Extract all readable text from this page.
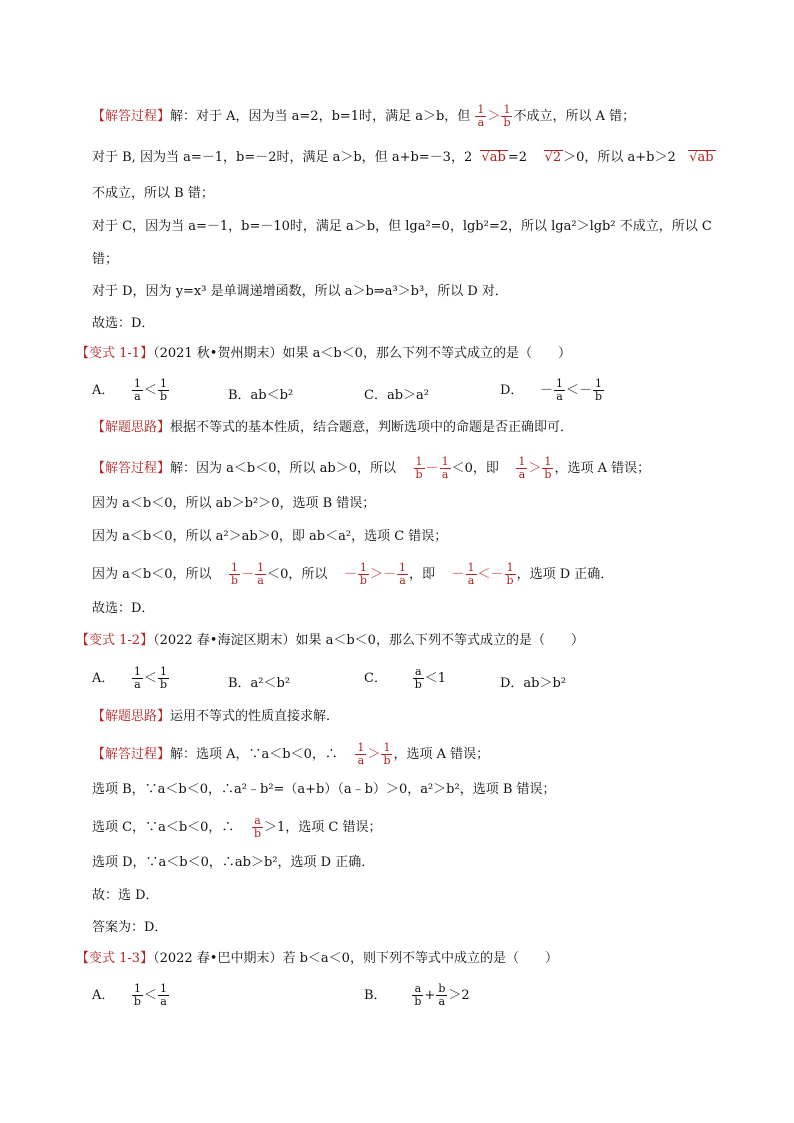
【解答过程】解：对于 A，因为当 a=2，b=1时，满足 a＞b，但 $\frac{1}{a} > \frac{1}{b}$ 不成立，所以 A 错；
对于 B, 因为当 a=－1，b=－2时，满足 a＞b，但 a+b=－3，2 √ ab =2 √ 2 ＞0，所以 a+b＞2 √ ab
不成立，所以 B 错；
对于 C，因为当 a=－1，b=－10时，满足 a＞b，但 lga²=0，lgb²=2，所以 lga²＞lgb² 不成立，所以 C
错；
对于 D，因为 y=x³ 是单调递增函数，所以 a＞b⇒a³＞b³，所以 D 对．
故选：D．
【变式 1-1】（2021 秋•贺州期末）如果 a＜b＜0，那么下列不等式成立的是（　　）
A． $\frac{1}{a} < \frac{1}{b}$	B．ab＜b²	C．ab＞a²	D．    － $\frac{1}{a} <- \frac{1}{b}$
【解题思路】根据不等式的基本性质，结合题意，判断选项中的命题是否正确即可．
【解答过程】解：因为 a＜b＜0，所以 ab＞0，所以 $\frac{1}{b} - \frac{1}{a} <0$，即 $\frac{1}{a} > \frac{1}{b}$ ，选项 A 错误；
因为 a＜b＜0，所以 ab＞b²＞0，选项 B 错误；
因为 a＜b＜0，所以 a²＞ab＞0，即 ab＜a²，选项 C 错误；
因为 a＜b＜0，所以 $\frac{1}{b} - \frac{1}{a} <0$，所以 － $\frac{1}{b} >- \frac{1}{a}$ ，即 － $\frac{1}{a} <- \frac{1}{b}$ ，选项 D 正确．
故选：D．
【变式 1-2】（2022 春•海淀区期末）如果 a＜b＜0，那么下列不等式成立的是（　　）
A． $\frac{1}{a} < \frac{1}{b}$	B．a²＜b²	C． $\frac{a}{b} <1$	D．ab＞b²
【解题思路】运用不等式的性质直接求解．
【解答过程】解：选项 A，∵a＜b＜0，∴ $\frac{1}{a} > \frac{1}{b}$ ，选项 A 错误；
选项 B，∵a＜b＜0，∴a²﹣b²=（a+b）（a﹣b）＞0，a²＞b²，选项 B 错误；
选项 C，∵a＜b＜0，∴ $\frac{a}{b} >1$，选项 C 错误；
选项 D，∵a＜b＜0，∴ab＞b²，选项 D 正确．
故：选 D．
答案为：D．
【变式 1-3】（2022 春•巴中期末）若 b＜a＜0，则下列不等式中成立的是（　　）
A． $\frac{1}{b} < \frac{1}{a}$	B． $\frac{a}{b} + \frac{b}{a} >2$
